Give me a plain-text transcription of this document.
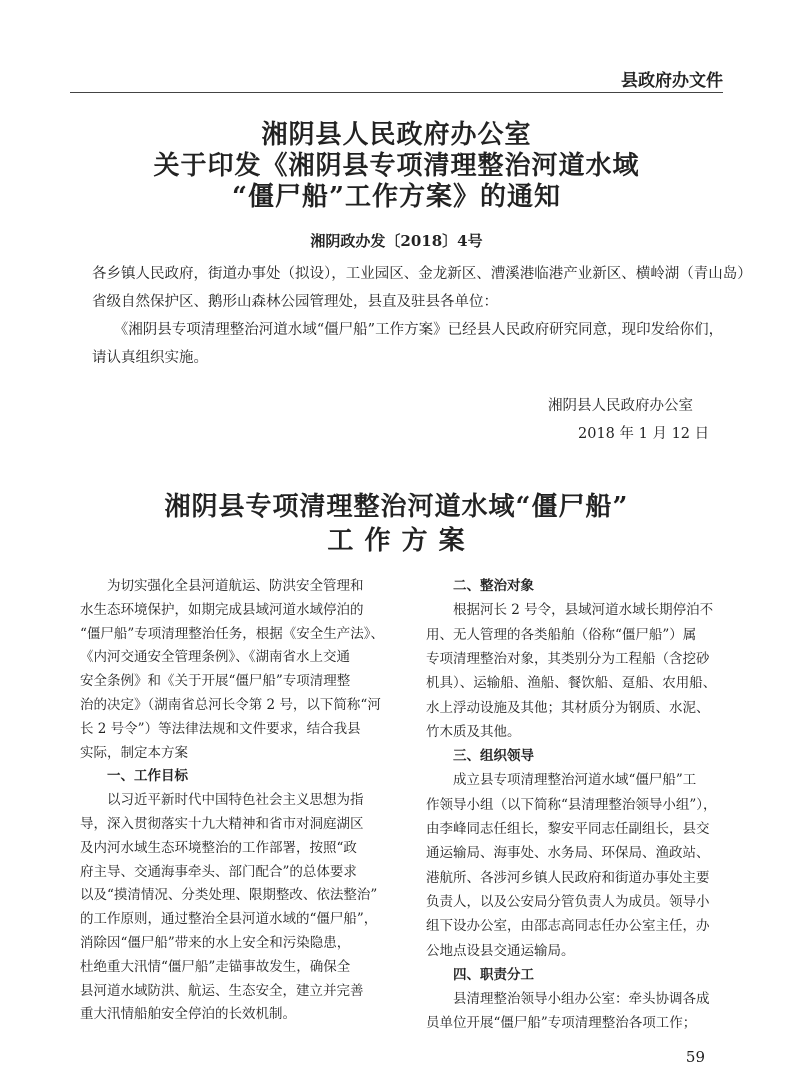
县政府办文件
湘阴县人民政府办公室
关于印发《湘阴县专项清理整治河道水域
“僵尸船”工作方案》的通知
湘阴政办发〔2018〕4号
各乡镇人民政府，街道办事处（拟设），工业园区、金龙新区、漕溪港临港产业新区、横岭湖（青山岛）
省级自然保护区、鹅形山森林公园管理处，县直及驻县各单位：
　　《湘阴县专项清理整治河道水域“僵尸船”工作方案》已经县人民政府研究同意，现印发给你们，
请认真组织实施。
湘阴县人民政府办公室
2018 年 1 月 12 日
湘阴县专项清理整治河道水域“僵尸船”
工 作 方 案
　　为切实强化全县河道航运、防洪安全管理和
水生态环境保护，如期完成县域河道水域停泊的
“僵尸船”专项清理整治任务，根据《安全生产法》、
《内河交通安全管理条例》、《湖南省水上交通
安全条例》和《关于开展“僵尸船”专项清理整
治的决定》（湖南省总河长令第 2 号，以下简称“河
长 2 号令”）等法律法规和文件要求，结合我县
实际，制定本方案
　　一、工作目标
　　以习近平新时代中国特色社会主义思想为指
导，深入贯彻落实十九大精神和省市对洞庭湖区
及内河水域生态环境整治的工作部署，按照“政
府主导、交通海事牵头、部门配合”的总体要求
以及“摸清情况、分类处理、限期整改、依法整治”
的工作原则，通过整治全县河道水域的“僵尸船”，
消除因“僵尸船”带来的水上安全和污染隐患，
杜绝重大汛情“僵尸船”走锚事故发生，确保全
县河道水域防洪、航运、生态安全，建立并完善
重大汛情船舶安全停泊的长效机制。
　　二、整治对象
　　根据河长 2 号令，县域河道水域长期停泊不
用、无人管理的各类船舶（俗称“僵尸船”）属
专项清理整治对象，其类别分为工程船（含挖砂
机具）、运输船、渔船、餐饮船、趸船、农用船、
水上浮动设施及其他；其材质分为钢质、水泥、
竹木质及其他。
　　三、组织领导
　　成立县专项清理整治河道水域“僵尸船”工
作领导小组（以下简称“县清理整治领导小组”），
由李峰同志任组长，黎安平同志任副组长，县交
通运输局、海事处、水务局、环保局、渔政站、
港航所、各涉河乡镇人民政府和街道办事处主要
负责人，以及公安局分管负责人为成员。领导小
组下设办公室，由邵志高同志任办公室主任，办
公地点设县交通运输局。
　　四、职责分工
　　县清理整治领导小组办公室：牵头协调各成
员单位开展“僵尸船”专项清理整治各项工作；
59
